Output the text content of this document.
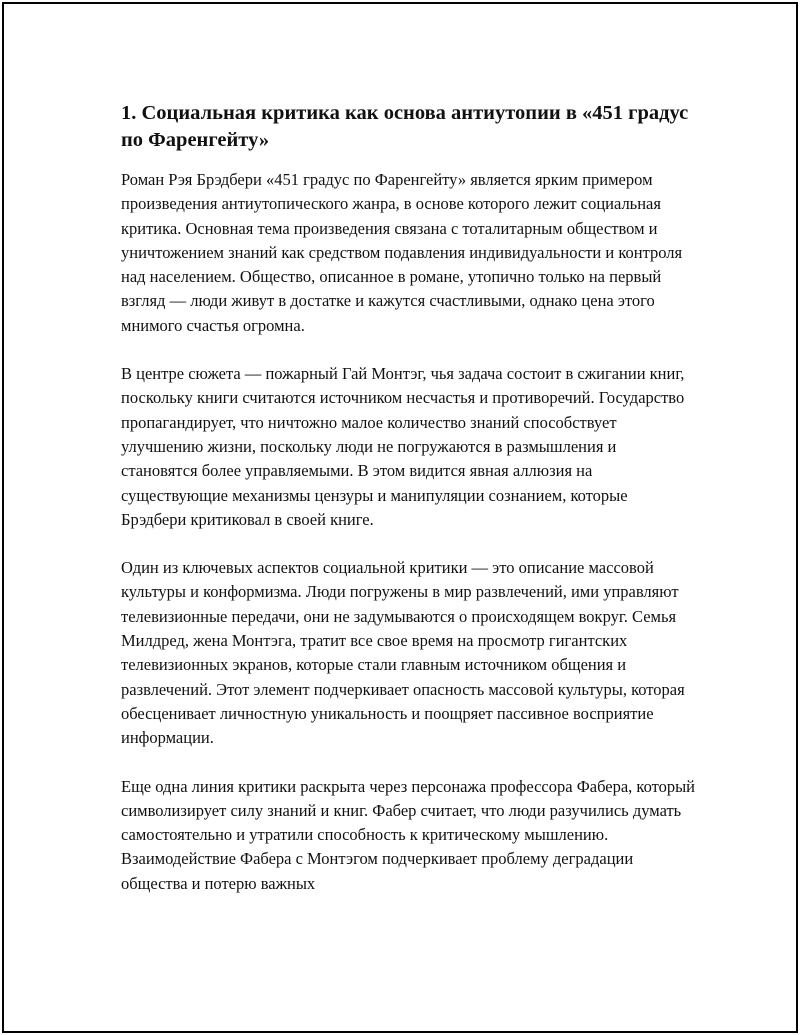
1. Социальная критика как основа антиутопии в «451 градус по Фаренгейту»

Роман Рэя Брэдбери «451 градус по Фаренгейту» является ярким примером произведения антиутопического жанра, в основе которого лежит социальная критика. Основная тема произведения связана с тоталитарным обществом и уничтожением знаний как средством подавления индивидуальности и контроля над населением. Общество, описанное в романе, утопично только на первый взгляд — люди живут в достатке и кажутся счастливыми, однако цена этого мнимого счастья огромна.

В центре сюжета — пожарный Гай Монтэг, чья задача состоит в сжигании книг, поскольку книги считаются источником несчастья и противоречий. Государство пропагандирует, что ничтожно малое количество знаний способствует улучшению жизни, поскольку люди не погружаются в размышления и становятся более управляемыми. В этом видится явная аллюзия на существующие механизмы цензуры и манипуляции сознанием, которые Брэдбери критиковал в своей книге.

Один из ключевых аспектов социальной критики — это описание массовой культуры и конформизма. Люди погружены в мир развлечений, ими управляют телевизионные передачи, они не задумываются о происходящем вокруг. Семья Милдред, жена Монтэга, тратит все свое время на просмотр гигантских телевизионных экранов, которые стали главным источником общения и развлечений. Этот элемент подчеркивает опасность массовой культуры, которая обесценивает личностную уникальность и поощряет пассивное восприятие информации.

Еще одна линия критики раскрыта через персонажа профессора Фабера, который символизирует силу знаний и книг. Фабер считает, что люди разучились думать самостоятельно и утратили способность к критическому мышлению. Взаимодействие Фабера с Монтэгом подчеркивает проблему деградации общества и потерю важных
